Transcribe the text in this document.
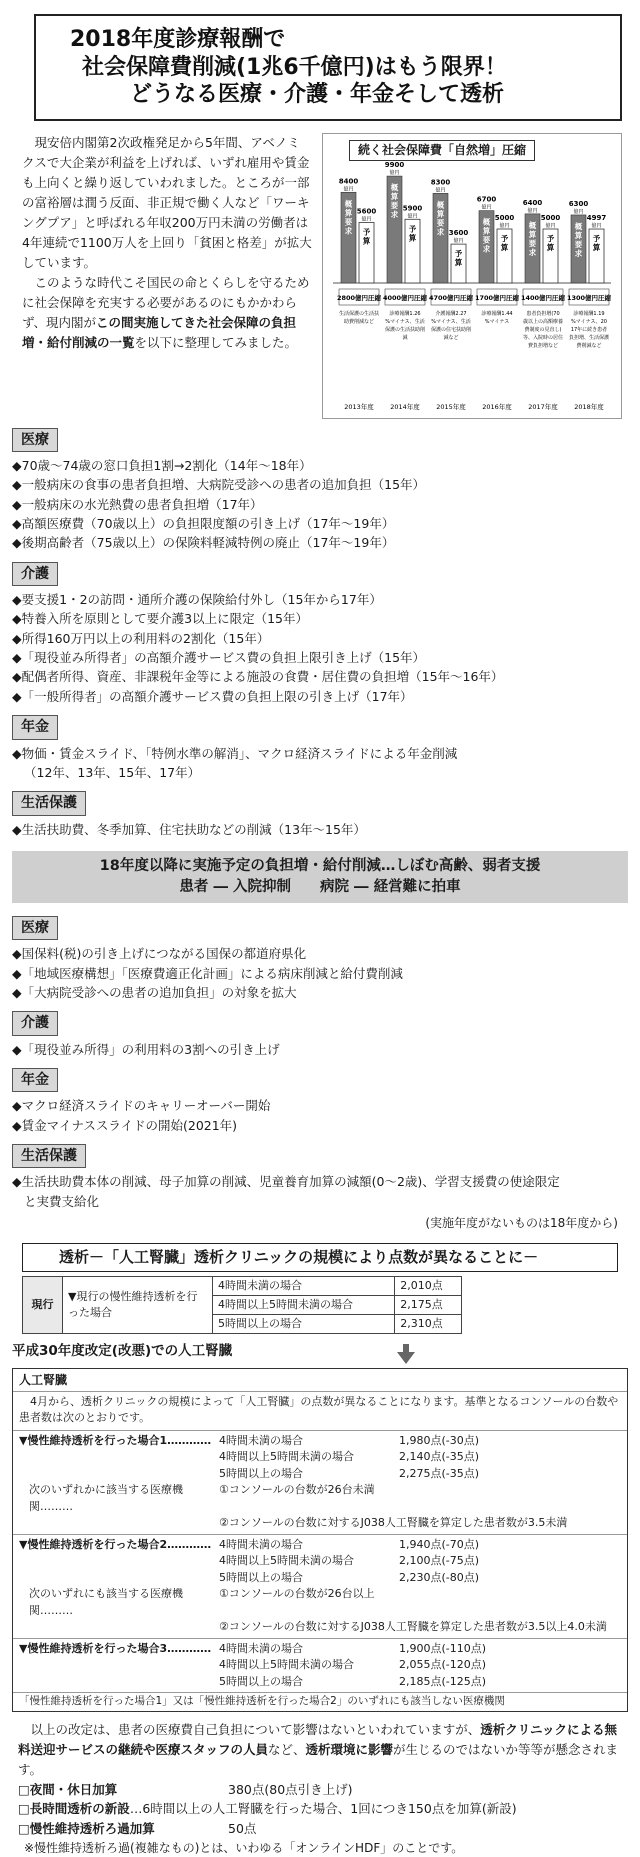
2018年度診療報酬で
社会保障費削減(1兆6千億円)はもう限界！
どうなる医療・介護・年金そして透析

現安倍内閣第2次政権発足から5年間、アベノミクスで大企業が利益を上げれば、いずれ雇用や賃金も上向くと繰り返していわれました。ところが一部の富裕層は潤う反面、非正規で働く人など「ワーキングプア」と呼ばれる年収200万円未満の労働者は4年連続で1100万人を上回り「貧困と格差」が拡大しています。

このような時代こそ国民の命とくらしを守るために社会保障を充実する必要があるのにもかかわらず、現内閣がこの間実施してきた社会保障の負担増・給付削減の一覧を以下に整理してみました。

続く社会保障費「自然増」圧縮
8400
億円
5600
億円
概
算
要
求 予
算
2800億円圧縮
生活保護の生活扶
助費削減など
2013年度
9900
億円
5900
億円
概
算
要
求
予
算
4000億円圧縮
診療報酬1.26
%マイナス、生活
保護の生活扶助削
減
2014年度
8300
億円
3600
億円
概
算
要
求
予
算
4700億円圧縮
介護報酬2.27
%マイナス、生活
保護の住宅扶助削
減など
2015年度
6700
億円
5000
億円
概
算
要
求
予
算
1700億円圧縮
診療報酬1.44
%マイナス
2016年度
6400
億円
5000
億円
概
算
要
求
予
算
1400億円圧縮
患者負担増(70
歳以上の高額療養
費制度の見直し)
等、入院時の居住
費負担増など
2017年度
6300
億円
4997
億円
概
算
要
求
予
算
1300億円圧縮
診療報酬1.19
%マイナス、20
17年に続き患者
負担増、生活保護
費削減など
2018年度
医療
◆70歳～74歳の窓口負担1割→2割化（14年～18年）
◆一般病床の食事の患者負担増、大病院受診への患者の追加負担（15年）
◆一般病床の水光熱費の患者負担増（17年）
◆高額医療費（70歳以上）の負担限度額の引き上げ（17年～19年）
◆後期高齢者（75歳以上）の保険料軽減特例の廃止（17年～19年）
介護
◆要支援1・2の訪問・通所介護の保険給付外し（15年から17年）
◆特養入所を原則として要介護3以上に限定（15年）
◆所得160万円以上の利用料の2割化（15年）
◆「現役並み所得者」の高額介護サービス費の負担上限引き上げ（15年）
◆配偶者所得、資産、非課税年金等による施設の食費・居住費の負担増（15年～16年）
◆「一般所得者」の高額介護サービス費の負担上限の引き上げ（17年）
年金
◆物価・賃金スライド、「特例水準の解消」、マクロ経済スライドによる年金削減
（12年、13年、15年、17年）
生活保護
◆生活扶助費、冬季加算、住宅扶助などの削減（13年～15年）
18年度以降に実施予定の負担増・給付削減…しぼむ高齢、弱者支援
患者 ― 入院抑制　　病院 ― 経営難に拍車
医療
◆国保料(税)の引き上げにつながる国保の都道府県化
◆「地域医療構想」「医療費適正化計画」による病床削減と給付費削減
◆「大病院受診への患者の追加負担」の対象を拡大
介護
◆「現役並み所得」の利用料の3割への引き上げ
年金
◆マクロ経済スライドのキャリーオーバー開始
◆賃金マイナススライドの開始(2021年)
生活保護
◆生活扶助費本体の削減、母子加算の削減、児童養育加算の減額(0～2歳)、学習支援費の使途限定
と実費支給化
(実施年度がないものは18年度から)
透析－「人工腎臓」透析クリニックの規模により点数が異なることに－
現行	▼現行の慢性維持透析を行った場合	4時間未満の場合	2,010点
		4時間以上5時間未満の場合	2,175点
		5時間以上の場合	2,310点
平成30年度改定(改悪)での人工腎臓
人工腎臓
4月から、透析クリニックの規模によって「人工腎臓」の点数が異なることになります。基準となるコンソールの台数や患者数は次のとおりです。
▼慢性維持透析を行った場合1………… 4時間未満の場合	1,980点(-30点)
4時間以上5時間未満の場合	2,140点(-35点)
5時間以上の場合	2,275点(-35点)
次のいずれかに該当する医療機関………
①コンソールの台数が26台未満
②コンソールの台数に対するJ038人工腎臓を算定した患者数が3.5未満
▼慢性維持透析を行った場合2………… 4時間未満の場合	1,940点(-70点)
4時間以上5時間未満の場合	2,100点(-75点)
5時間以上の場合	2,230点(-80点)
次のいずれにも該当する医療機関………
①コンソールの台数が26台以上
②コンソールの台数に対するJ038人工腎臓を算定した患者数が3.5以上4.0未満
▼慢性維持透析を行った場合3………… 4時間未満の場合	1,900点(-110点)
4時間以上5時間未満の場合	2,055点(-120点)
5時間以上の場合	2,185点(-125点)
「慢性維持透析を行った場合1」又は「慢性維持透析を行った場合2」のいずれにも該当しない医療機関
以上の改定は、患者の医療費自己負担について影響はないといわれていますが、透析クリニックによる無料送迎サービスの継続や医療スタッフの人員など、透析環境に影響が生じるのではないか等等が懸念されます。
□夜間・休日加算	380点(80点引き上げ)
□長時間透析の新設 …6時間以上の人工腎臓を行った場合、1回につき150点を加算(新設)
□慢性維持透析ろ過加算	50点
※慢性維持透析ろ過(複雑なもの)とは、いわゆる「オンラインHDF」のことです。
